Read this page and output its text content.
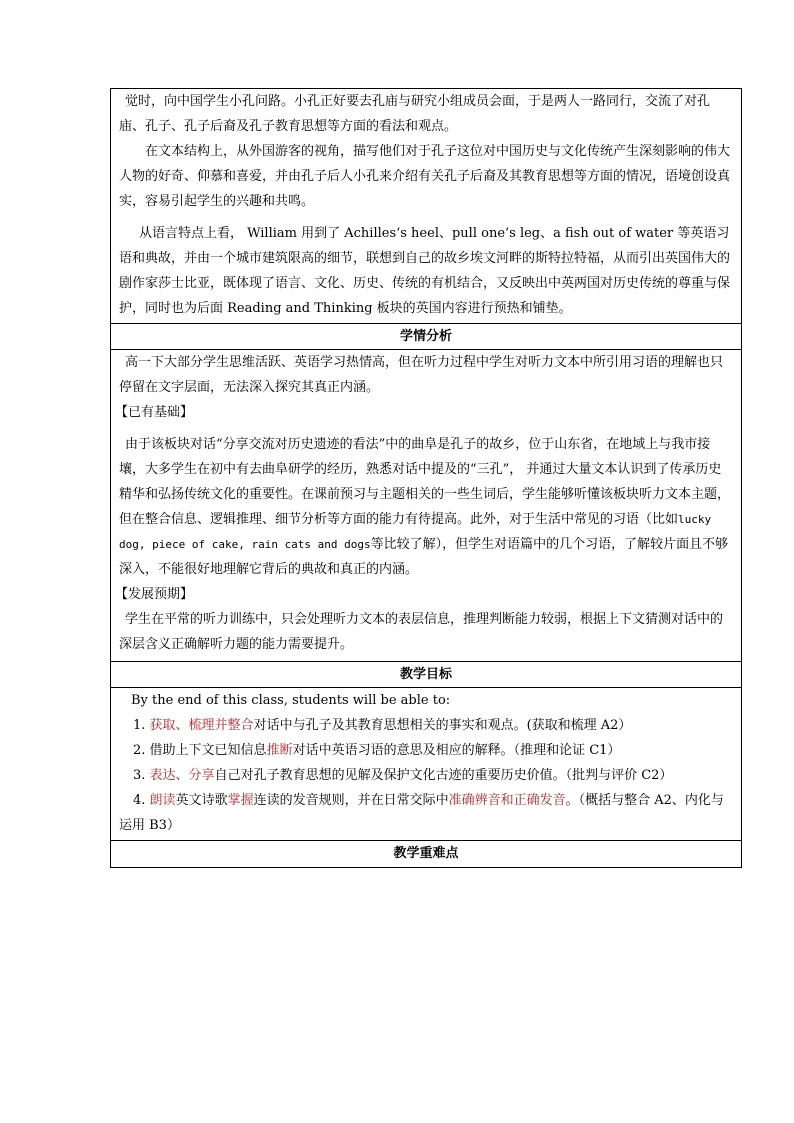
觉时，向中国学生小孔问路。小孔正好要去孔庙与研究小组成员会面，于是两人一路同行，交流了对孔庙、孔子、孔子后裔及孔子教育思想等方面的看法和观点。

在文本结构上，从外国游客的视角，描写他们对于孔子这位对中国历史与文化传统产生深刻影响的伟大人物的好奇、仰慕和喜爱，并由孔子后人小孔来介绍有关孔子后裔及其教育思想等方面的情况，语境创设真实，容易引起学生的兴趣和共鸣。

从语言特点上看， William 用到了 Achilles‘s heel、pull one’s leg、a fish out of water 等英语习语和典故，并由一个城市建筑限高的细节，联想到自己的故乡埃文河畔的斯特拉特福，从而引出英国伟大的剧作家莎士比亚，既体现了语言、文化、历史、传统的有机结合，又反映出中英两国对历史传统的尊重与保护，同时也为后面 Reading and Thinking 板块的英国内容进行预热和铺垫。

学情分析

高一下大部分学生思维活跃、英语学习热情高，但在听力过程中学生对听力文本中所引用习语的理解也只停留在文字层面，无法深入探究其真正内涵。

【已有基础】

由于该板块对话“分享交流对历史遗迹的看法”中的曲阜是孔子的故乡，位于山东省，在地域上与我市接壤，大多学生在初中有去曲阜研学的经历，熟悉对话中提及的“三孔”， 并通过大量文本认识到了传承历史精华和弘扬传统文化的重要性。在课前预习与主题相关的一些生词后，学生能够听懂该板块听力文本主题，但在整合信息、逻辑推理、细节分析等方面的能力有待提高。此外，对于生活中常见的习语（比如lucky dog, piece of cake, rain cats and dogs等比较了解），但学生对语篇中的几个习语，了解较片面且不够深入，不能很好地理解它背后的典故和真正的内涵。

【发展预期】

学生在平常的听力训练中，只会处理听力文本的表层信息，推理判断能力较弱，根据上下文猜测对话中的深层含义正确解听力题的能力需要提升。

教学目标

By the end of this class, students will be able to:

1. 获取、梳理并整合对话中与孔子及其教育思想相关的事实和观点。(获取和梳理 A2）

2. 借助上下文已知信息推断对话中英语习语的意思及相应的解释。（推理和论证 C1）

3. 表达、分享自己对孔子教育思想的见解及保护文化古迹的重要历史价值。（批判与评价 C2）

4. 朗读英文诗歌掌握连读的发音规则，并在日常交际中准确辨音和正确发音。（概括与整合 A2、内化与运用 B3）

教学重难点
